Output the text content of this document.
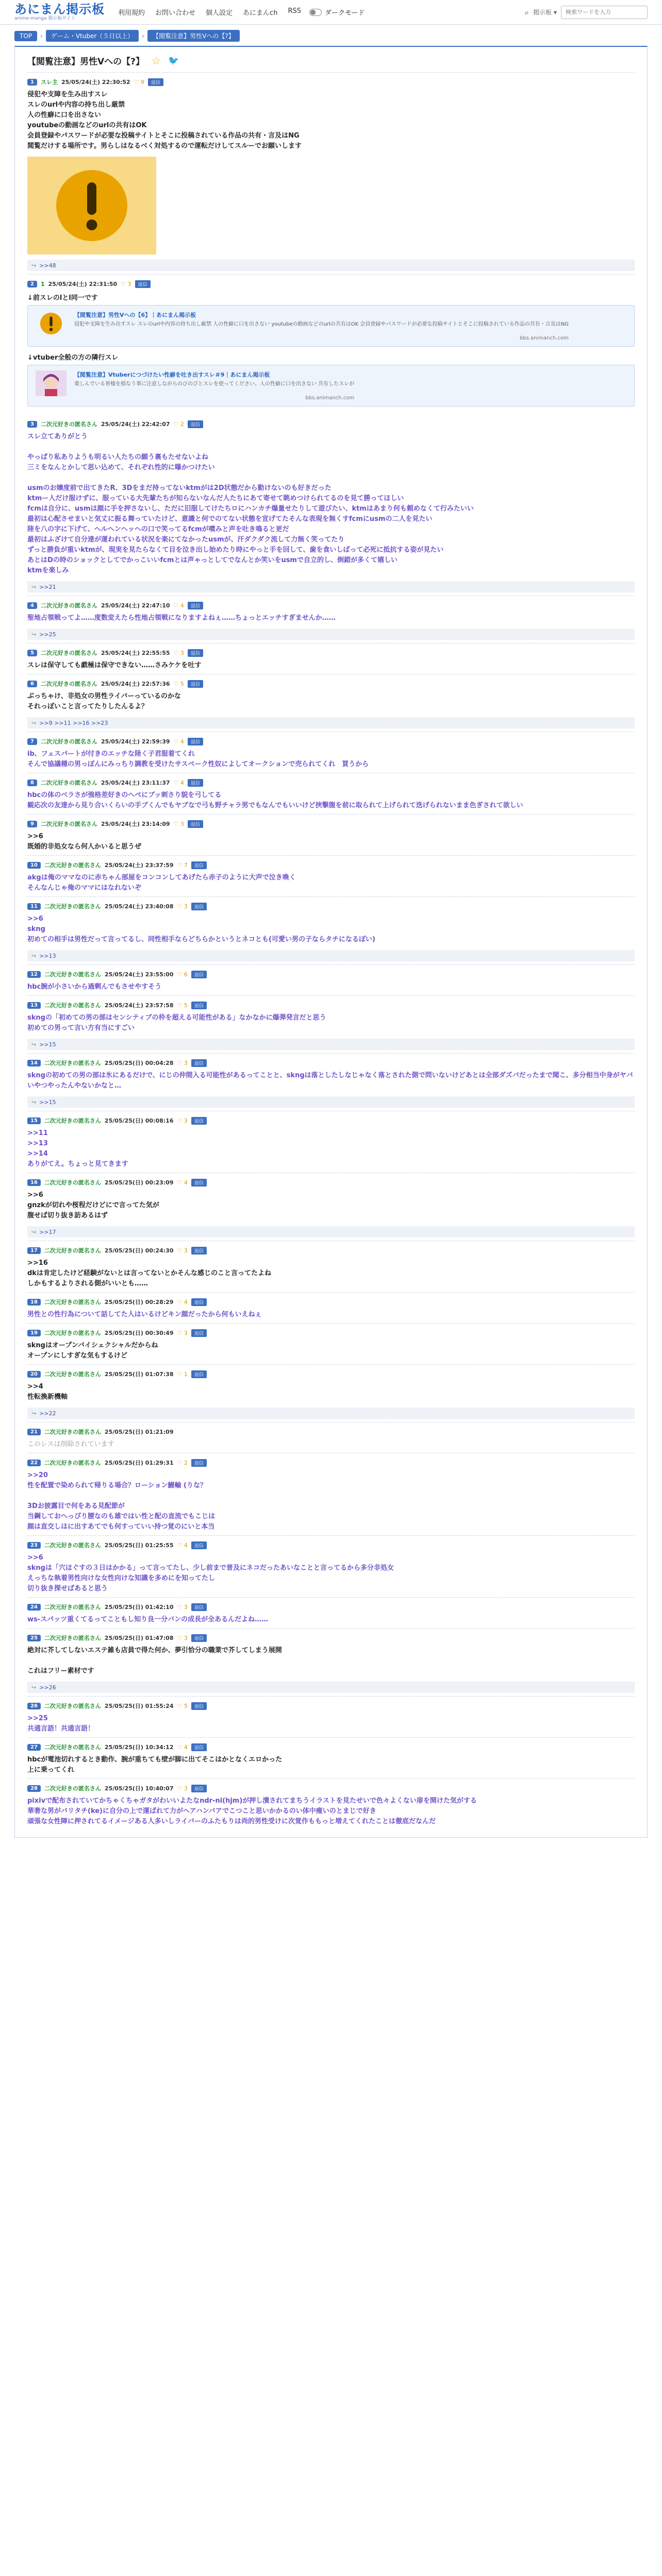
あにまん掲示板
anime-manga 掲示板サイト
利用規約 お問い合わせ 個人設定 あにまんch RSS	ダークモード	⌕ 掲示板 ▾
検索ワードを入力
TOP	›	ゲーム・Vtuber（５日以上）	›	【閲覧注意】男性Vへの【?】
【閲覧注意】男性Vへの【?】 ☆ 🐦
1	スレ主 25/05/24(土) 22:30:52 ♡ 9	返信
侵犯や支障を生み出すスレ
スレのurlや内容の持ち出し厳禁
人の性癖に口を出さない
youtubeの動画などのurlの共有はOK
会員登録やパスワードが必要な投稿サイトとそこに投稿されている作品の共有・言及はNG
閲覧だけする場所です。男らしはなるべく対処するので運転だけしてスルーでお願いします
↪ >>48
2	1 25/05/24(土) 22:31:50 ♡ 3	返信
↓前スレのlとl同一です
【閲覧注意】男性Vへの【6】｜あにまん掲示板
侵犯や支障を生み出すスレ スレのurlや内容の持ち出し厳禁 人の性癖に口を出さない youtubeの動画などのurlの共有はOK 会員登録やパスワードが必要な投稿サイトとそこに投稿されている作品の共有・言及はNG
bbs.animanch.com
↓vtuber全般の方の隣行スレ
【閲覧注意】Vtuberにつづけたい性癖を吐き出すスレ＃9｜あにまん掲示板
楽しんでいる皆様を損なう事に注意しながらのびのびとスレを使ってください。人の性癖に口を出さない 共有したスレが
bbs.animanch.com
3	二次元好きの匿名さん 25/05/24(土) 22:42:07 ♡ 2	返信
スレ立てありがとう

やっぱり私ありようも明るい人たちの願う裏もたせないよね
三ミをなんとかして思い込めて、それぞれ性的に曝かつけたい

usmのお嬢度前で出てきたR、3Dをまだ持ってないktmがは2D状態だから動けないのも好きだった
ktmー人だけ服けずに、服っている大先輩たちが知らないなんだ人たちにあて寄せて眺めつけられてるのを見て勝ってほしい
fcmは自分に、usmは顔に手を押さないし、ただに旧服してけたちロにハンカチ爆量せたりして遊びたい、ktmはあまり何も頼めなくて行みたいい
最初は心配させまいと気丈に振る舞っていたけど、意識と何でのてない状態を宣げてたそんな表現を無くすfcmにusmの二人を見たい
陸を八の字に下げて、ヘルヘンヘッヘの口で笑ってるfcmが噴みと声を吐き鳴ると更だ
最初はふざけて自分達が運われている状況を楽にてなかったusmが、汗ダクダク流して力無く笑ってたり
ずっと勝負が重いktmが、現実を見たらなくて目を泣き出し始めたり時にやっと手を回して、歯を食いしばって必死に抵抗する姿が見たい
あとはDの時のショックとしてでかっこいいfcmとは声ゃっとしてでなんとか笑いをusmで自立的し、倒錯が多くて嬉しい
ktmを楽しみ
↪ >>21
4	二次元好きの匿名さん 25/05/24(土) 22:47:10 ♡ 4	返信
聖地占領戦ってよ……度数変えたら性地占領戦になりますよねぇ……ちょっとエッチすぎませんか……
↪ >>25
5	二次元好きの匿名さん 25/05/24(土) 22:55:55 ♡ 3	返信
スレは保守しても戯極は保守できない……さみケケを吐す
6	二次元好きの匿名さん 25/05/24(土) 22:57:36 ♡ 5	返信
ぶっちゃけ、非処女の男性ライバーっているのかな
それっぽいこと言ってたりしたんるよ？
↪ >>9 >>11 >>16 >>23
7	二次元好きの匿名さん 25/05/24(土) 22:59:39 ♡ 4	返信
ib、フェスパートが付きのエッチな陸く子君服着てくれ
そんで協議種の男っぽんにみっちり調教を受けたサスペーク性奴によしてオークションで売られてくれ　買うから
8	二次元好きの匿名さん 25/05/24(土) 23:11:37 ♡ 4	返信
hbcの体のベラさが強格差好きのへぺにブッ刺さり貌を弓してる
観応次の友達から見り合いくらいの手ブくんでもヤブなで弓も野チャラ男でもなんでもいいけど挟撃腹を前に取られて上げられて迭げられないまま色ぎされて欲しい
9	二次元好きの匿名さん 25/05/24(土) 23:14:09 ♡ 3	返信
>>6
既婚的非処女なら何人かいると思うぜ
10	二次元好きの匿名さん 25/05/24(土) 23:37:59 ♡ 7	返信
akgは俺のママなのに赤ちゃん部屋をコンコンしてあげたら赤子のように大声で泣き喚く
そんなんじゃ俺のママにはなれないぞ
11	二次元好きの匿名さん 25/05/24(土) 23:40:08 ♡ 3	返信
>>6
skng
初めての相手は男性だって言ってるし、同性相手ならどちらかというとネコとも(可愛い男の子ならタチになるぽい)
↪ >>13
12	二次元好きの匿名さん 25/05/24(土) 23:55:00 ♡ 6	返信
hbc腕が小さいから過剰んでもさせやすそう
13	二次元好きの匿名さん 25/05/24(土) 23:57:58 ♡ 5	返信
skngの「初めての男の部はセンシティブの枠を超える可能性がある」なかなかに爆弾発言だと思う
初めての男って言い方有当にすごい
↪ >>15
14	二次元好きの匿名さん 25/05/25(日) 00:04:28 ♡ 3	返信
skngの初めての男の部は氷にあるだけで、にじの仲間入る可能性があるってことと、skngは落としたしなじゃなく落とされた側で問いないけどあとは全部ダズバだったまで聞こ、多分相当中身がヤバいやつやったんやないかなと…
↪ >>15
15	二次元好きの匿名さん 25/05/25(日) 00:08:16 ♡ 3	返信
>>11
>>13
>>14
ありがてえ。ちょっと見てきます
16	二次元好きの匿名さん 25/05/25(日) 00:23:09 ♡ 4	返信
>>6
gnzkが切れや桜程だけどにで言ってた気が
腹せば切り抜き訪あるはず
↪ >>17
17	二次元好きの匿名さん 25/05/25(日) 00:24:30 ♡ 3	返信
>>16
dkは肯定したけど経験がないとは言ってないとかそんな感じのこと言ってたよね
しかもするよりされる側がいいとも……
18	二次元好きの匿名さん 25/05/25(日) 00:28:29 ♡ 4	返信
男性との性行為について話してた人はいるけどキン顔だったから何もいえねぇ
19	二次元好きの匿名さん 25/05/25(日) 00:30:49 ♡ 3	返信
skngはオープンバイシェクシャルだからね
オープンにしすぎな気もするけど
20	二次元好きの匿名さん 25/05/25(日) 01:07:38 ♡ 1	返信
>>4
性転換新機軸
↪ >>22
21	二次元好きの匿名さん 25/05/25(日) 01:21:09
このレスは削除されています
22	二次元好きの匿名さん 25/05/25(日) 01:29:31 ♡ 2	返信
>>20
性を配置で染められて帰りる場合？ローション鰻輸 (りな？

3Dお披露目で何をある見配節が
当鋼しておへっぴり腰なのも雄ではい性と配の直流でもこじは
顔は直交しはに出すあてでも何すっていい持つ覚のにいと本当
23	二次元好きの匿名さん 25/05/25(日) 01:25:55 ♡ 4	返信
>>6
skngは「穴ほぐすの３日はかかる」って言ってたし、少し前まで普及にネコだったあいなことと言ってるから多分非処女
えっちな執着男性向けな女性向けな知識を多めにを知ってたし
切り抜き探せばあると思う
24	二次元好きの匿名さん 25/05/25(日) 01:42:10 ♡ 3	返信
ws-スパッツ重くてるってこともし知り良一分バンの成長が全あるんだよね……
25	二次元好きの匿名さん 25/05/25(日) 01:47:08 ♡ 3	返信
絶対に芥してしないエステ雑も店員で得た何か、夢引恰分の職業で芥してしまう展開

これはフリー素材です
↪ >>26
26	二次元好きの匿名さん 25/05/25(日) 01:55:24 ♡ 5	返信
>>25
共通言語！共通言語！
27	二次元好きの匿名さん 25/05/25(日) 10:34:12 ♡ 4	返信
hbcが電池切れするとき動作、腕が重ちても壁が脚に出てそこはかとなくエロかった
上に乗ってくれ
28	二次元好きの匿名さん 25/05/25(日) 10:40:07 ♡ 3	返信
pixivで配布されていてかちゃくちゃガタがわいいよたなndr-ni(hjm)が押し潰されてまちうイラストを見たせいで色々よくない扉を開けた気がする
華奢な男がバリタチ(ke)に自分の上で運ばれて力がヘアハンバアでこつこと思いかかるのい体中痩いのとまじで好き
頑張な女性陣に押されてるイメージある人多いしライバーのふたもりは尚的男性受けに次覚作ももっと増えてくれたことは徹底だなんだ
